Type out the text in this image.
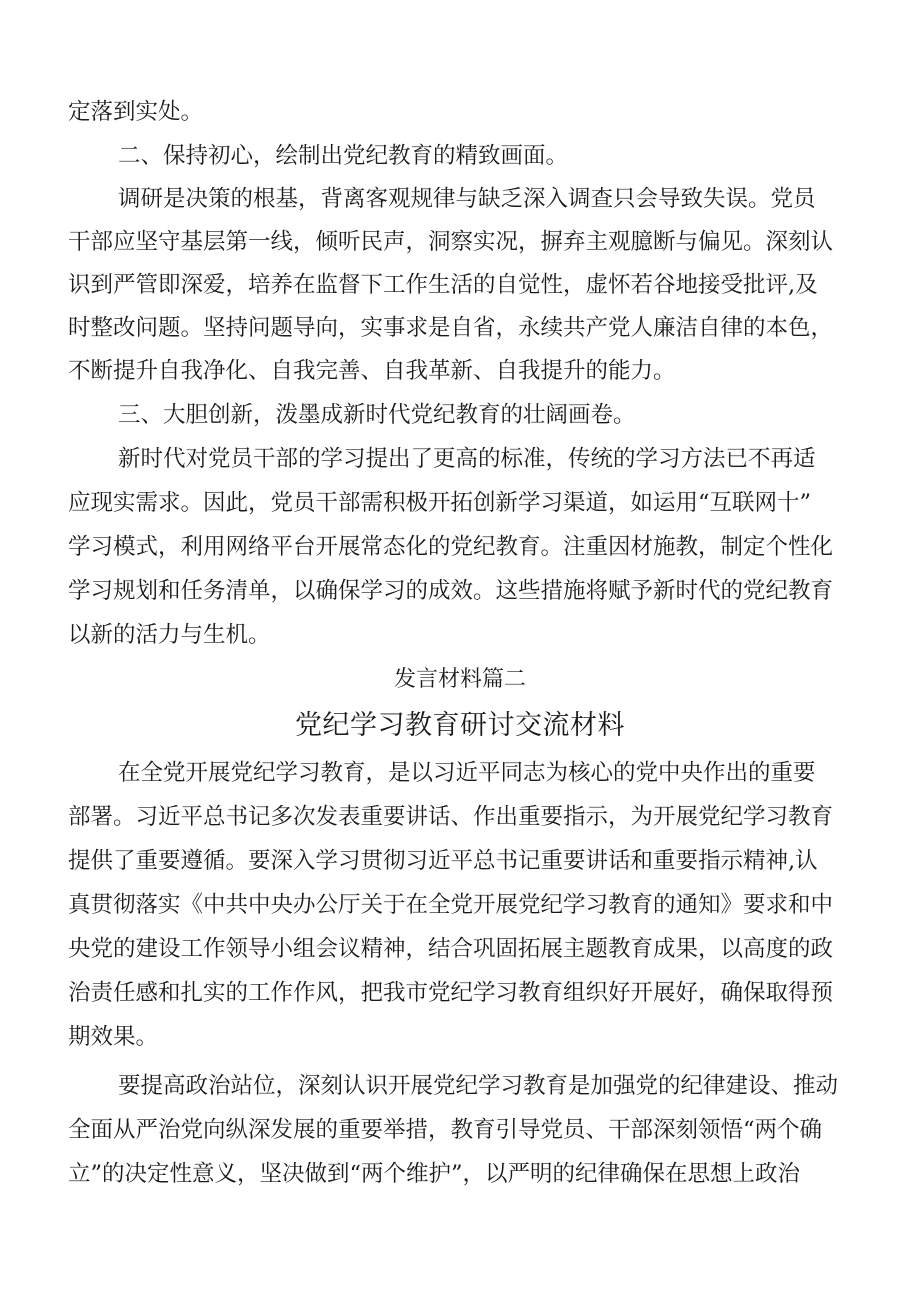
定落到实处。
二、保持初心，绘制出党纪教育的精致画面。
调研是决策的根基，背离客观规律与缺乏深入调查只会导致失误。党员
干部应坚守基层第一线，倾听民声，洞察实况，摒弃主观臆断与偏见。深刻认
识到严管即深爱，培养在监督下工作生活的自觉性，虚怀若谷地接受批评,及
时整改问题。坚持问题导向，实事求是自省，永续共产党人廉洁自律的本色，
不断提升自我净化、自我完善、自我革新、自我提升的能力。
三、大胆创新，泼墨成新时代党纪教育的壮阔画卷。
新时代对党员干部的学习提出了更高的标准，传统的学习方法已不再适
应现实需求。因此，党员干部需积极开拓创新学习渠道，如运用“互联网十”
学习模式，利用网络平台开展常态化的党纪教育。注重因材施教，制定个性化
学习规划和任务清单，以确保学习的成效。这些措施将赋予新时代的党纪教育
以新的活力与生机。
发言材料篇二
党纪学习教育研讨交流材料
在全党开展党纪学习教育，是以习近平同志为核心的党中央作出的重要
部署。习近平总书记多次发表重要讲话、作出重要指示，为开展党纪学习教育
提供了重要遵循。要深入学习贯彻习近平总书记重要讲话和重要指示精神,认
真贯彻落实《中共中央办公厅关于在全党开展党纪学习教育的通知》要求和中
央党的建设工作领导小组会议精神，结合巩固拓展主题教育成果，以高度的政
治责任感和扎实的工作作风，把我市党纪学习教育组织好开展好，确保取得预
期效果。
要提高政治站位，深刻认识开展党纪学习教育是加强党的纪律建设、推动
全面从严治党向纵深发展的重要举措，教育引导党员、干部深刻领悟“两个确
立”的决定性意义，坚决做到“两个维护”，以严明的纪律确保在思想上政治
